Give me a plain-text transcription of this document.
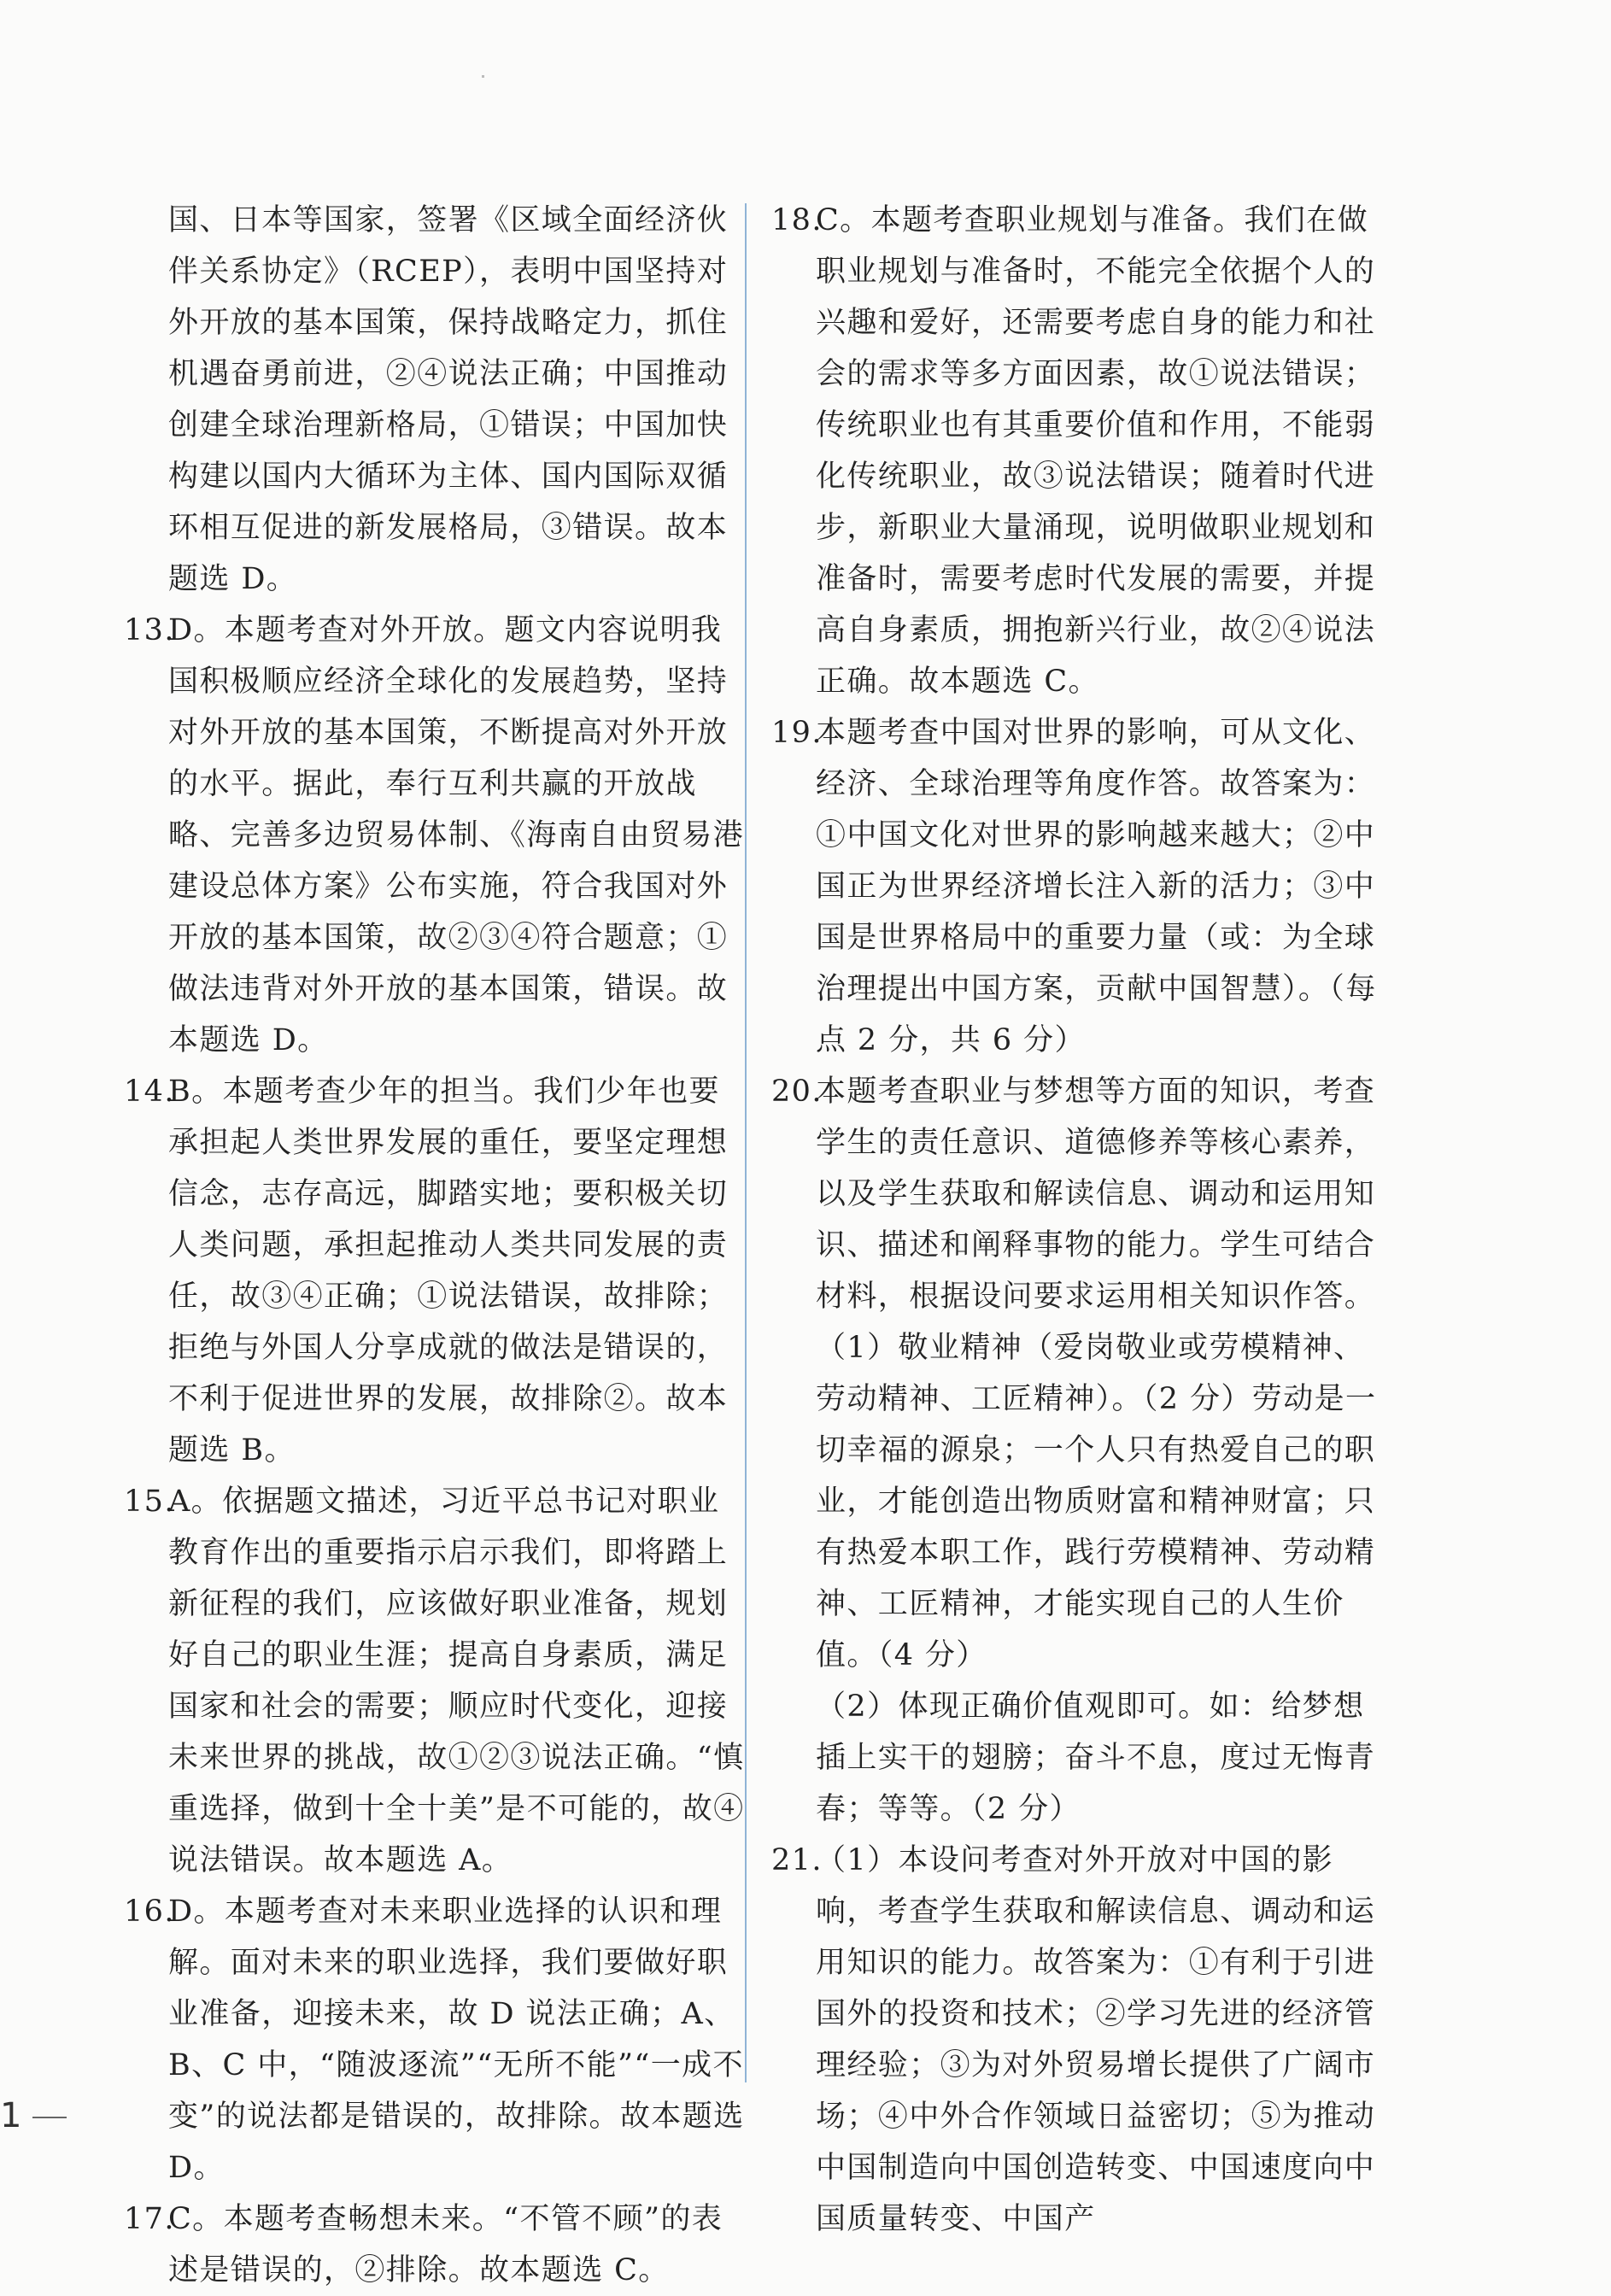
国、日本等国家，签署《区域全面经济伙伴关系协定》（RCEP），表明中国坚持对外开放的基本国策，保持战略定力，抓住机遇奋勇前进，②④说法正确；中国推动创建全球治理新格局，①错误；中国加快构建以国内大循环为主体、国内国际双循环相互促进的新发展格局，③错误。故本题选 D。

13.

D。本题考查对外开放。题文内容说明我国积极顺应经济全球化的发展趋势，坚持对外开放的基本国策，不断提高对外开放的水平。据此，奉行互利共赢的开放战略、完善多边贸易体制、《海南自由贸易港建设总体方案》公布实施，符合我国对外开放的基本国策，故②③④符合题意；①做法违背对外开放的基本国策，错误。故本题选 D。

14.

B。本题考查少年的担当。我们少年也要承担起人类世界发展的重任，要坚定理想信念，志存高远，脚踏实地；要积极关切人类问题，承担起推动人类共同发展的责任，故③④正确；①说法错误，故排除；拒绝与外国人分享成就的做法是错误的，不利于促进世界的发展，故排除②。故本题选 B。

15.

A。依据题文描述，习近平总书记对职业教育作出的重要指示启示我们，即将踏上新征程的我们，应该做好职业准备，规划好自己的职业生涯；提高自身素质，满足国家和社会的需要；顺应时代变化，迎接未来世界的挑战，故①②③说法正确。“慎重选择，做到十全十美”是不可能的，故④说法错误。故本题选 A。

16.

D。本题考查对未来职业选择的认识和理解。面对未来的职业选择，我们要做好职业准备，迎接未来，故 D 说法正确；A、B、C 中，“随波逐流”“无所不能”“一成不变”的说法都是错误的，故排除。故本题选 D。

17.

C。本题考查畅想未来。“不管不顾”的表述是错误的，②排除。故本题选 C。

18.

C。本题考查职业规划与准备。我们在做职业规划与准备时，不能完全依据个人的兴趣和爱好，还需要考虑自身的能力和社会的需求等多方面因素，故①说法错误；传统职业也有其重要价值和作用，不能弱化传统职业，故③说法错误；随着时代进步，新职业大量涌现，说明做职业规划和准备时，需要考虑时代发展的需要，并提高自身素质，拥抱新兴行业，故②④说法正确。故本题选 C。

19.

本题考查中国对世界的影响，可从文化、经济、全球治理等角度作答。故答案为：①中国文化对世界的影响越来越大；②中国正为世界经济增长注入新的活力；③中国是世界格局中的重要力量（或：为全球治理提出中国方案，贡献中国智慧）。（每点 2 分，共 6 分）

20.

本题考查职业与梦想等方面的知识，考查学生的责任意识、道德修养等核心素养，以及学生获取和解读信息、调动和运用知识、描述和阐释事物的能力。学生可结合材料，根据设问要求运用相关知识作答。

（1）敬业精神（爱岗敬业或劳模精神、劳动精神、工匠精神）。（2 分）劳动是一切幸福的源泉；一个人只有热爱自己的职业，才能创造出物质财富和精神财富；只有热爱本职工作，践行劳模精神、劳动精神、工匠精神，才能实现自己的人生价值。（4 分）

（2）体现正确价值观即可。如：给梦想插上实干的翅膀；奋斗不息，度过无悔青春；等等。（2 分）

21.

（1）本设问考查对外开放对中国的影响，考查学生获取和解读信息、调动和运用知识的能力。故答案为：①有利于引进国外的投资和技术；②学习先进的经济管理经验；③为对外贸易增长提供了广阔市场；④中外合作领域日益密切；⑤为推动中国制造向中国创造转变、中国速度向中国质量转变、中国产

1
